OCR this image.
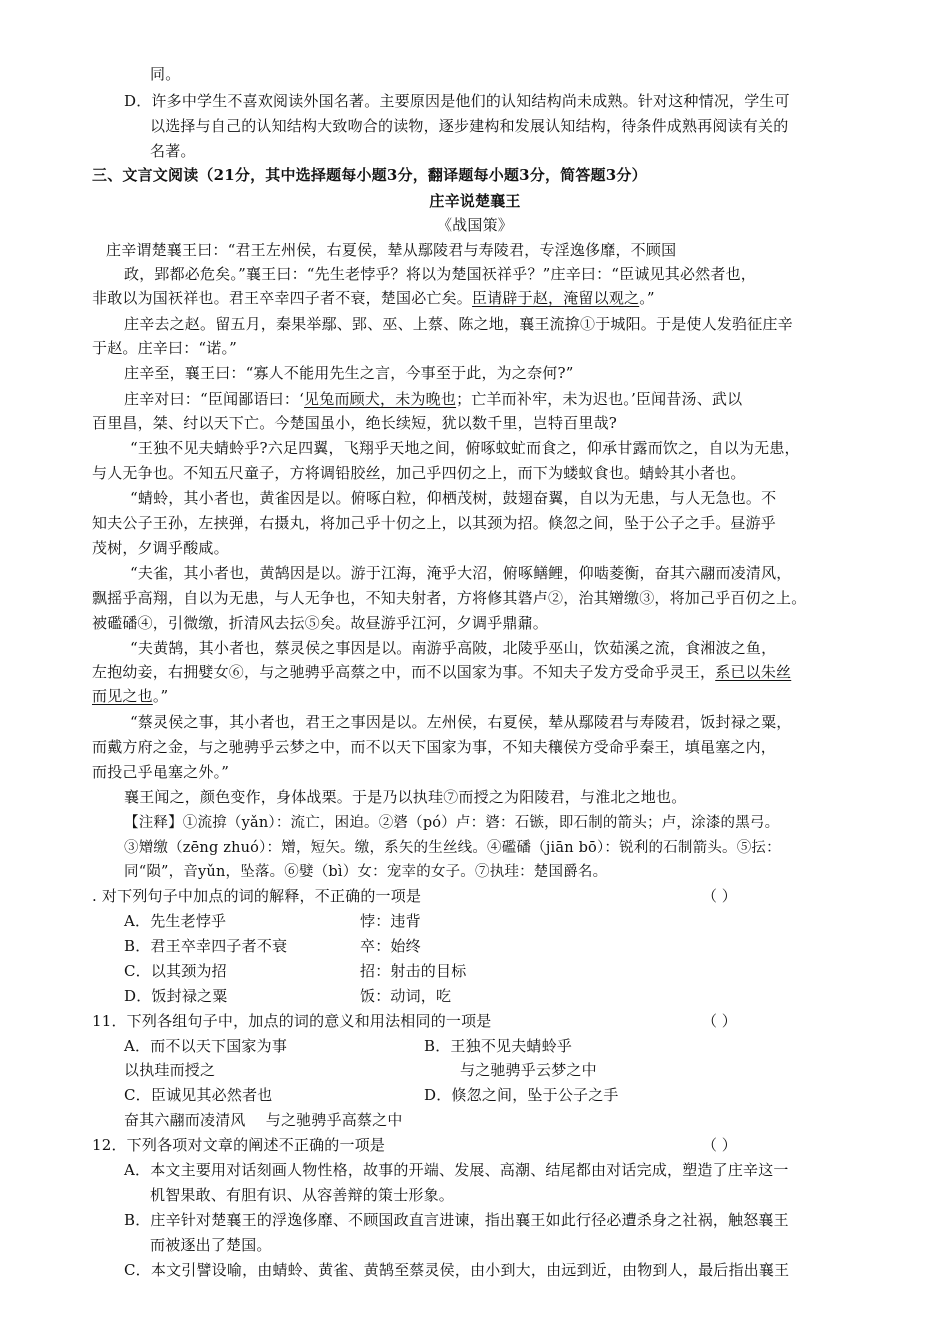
同。
D．许多中学生不喜欢阅读外国名著。主要原因是他们的认知结构尚未成熟。针对这种情况，学生可
以选择与自己的认知结构大致吻合的读物，逐步建构和发展认知结构，待条件成熟再阅读有关的
名著。
三、文言文阅读（21分，其中选择题每小题3分，翻译题每小题3分，简答题3分）
庄辛说楚襄王
《战国策》
庄辛谓楚襄王曰：“君王左州侯，右夏侯，辇从鄢陵君与寿陵君，专淫逸侈靡，不顾国
政，郢都必危矣。”襄王曰：“先生老悖乎？将以为楚国祆祥乎？”庄辛曰：“臣诚见其必然者也，
非敢以为国祆祥也。君王卒幸四子者不衰，楚国必亡矣。臣请辟于赵，淹留以观之。”
庄辛去之赵。留五月，秦果举鄢、郢、巫、上蔡、陈之地，襄王流揜①于城阳。于是使人发驺征庄辛
于赵。庄辛曰：“诺。”
庄辛至，襄王曰：“寡人不能用先生之言，今事至于此，为之奈何?”
庄辛对曰：“臣闻鄙语曰：‘见兔而顾犬，未为晚也；亡羊而补牢，未为迟也。’臣闻昔汤、武以
百里昌，桀、纣以天下亡。今楚国虽小，绝长续短，犹以数千里，岂特百里哉?
“王独不见夫蜻蛉乎?六足四翼，飞翔乎天地之间，俯啄蚊虻而食之，仰承甘露而饮之，自以为无患，
与人无争也。不知五尺童子，方将调铅胶丝，加己乎四仞之上，而下为蝼蚁食也。蜻蛉其小者也。
“蜻蛉，其小者也，黄雀因是以。俯啄白粒，仰栖茂树，鼓翅奋翼，自以为无患，与人无急也。不
知夫公子王孙，左挟弹，右摄丸，将加己乎十仞之上，以其颈为招。倏忽之间，坠于公子之手。昼游乎
茂树，夕调乎酸咸。
“夫雀，其小者也，黄鹄因是以。游于江海，淹乎大沼，俯啄鳝鲤，仰啮菱衡，奋其六翮而凌清风，
飘摇乎高翔，自以为无患，与人无争也，不知夫射者，方将修其碆卢②，治其矰缴③，将加己乎百仞之上。
被礛磻④，引微缴，折清风去抎⑤矣。故昼游乎江河，夕调乎鼎鼐。
“夫黄鹄，其小者也，蔡灵侯之事因是以。南游乎高陂，北陵乎巫山，饮茹溪之流，食湘波之鱼，
左抱幼妾，右拥嬖女⑥，与之驰骋乎高蔡之中，而不以国家为事。不知夫子发方受命乎灵王，系已以朱丝
而见之也。”
“蔡灵侯之事，其小者也，君王之事因是以。左州侯，右夏侯，辇从鄢陵君与寿陵君，饭封禄之粟，
而戴方府之金，与之驰骋乎云梦之中，而不以天下国家为事，不知夫穰侯方受命乎秦王，填黾塞之内，
而投己乎黾塞之外。”
襄王闻之，颜色变作，身体战栗。于是乃以执珪⑦而授之为阳陵君，与淮北之地也。
【注释】①流揜（yǎn）：流亡，困迫。②碆（pó）卢：碆：石镞，即石制的箭头；卢，涂漆的黑弓。
③矰缴（zēng zhuó）：矰，短矢。缴，系矢的生丝线。④礛磻（jiān bō）：锐利的石制箭头。⑤抎：
同“陨”，音yǔn，坠落。⑥嬖（bì）女：宠幸的女子。⑦执珪：楚国爵名。
. 对下列句子中加点的词的解释，不正确的一项是	（ ）
A．先生老悖乎	悖：违背
B．君王卒幸四子者不衰	卒：始终
C．以其颈为招	招：射击的目标
D．饭封禄之粟	饭：动词，吃
11．下列各组句子中，加点的词的意义和用法相同的一项是	（ ）
A．而不以天下国家为事	B．王独不见夫蜻蛉乎
以执珪而授之	与之驰骋乎云梦之中
C．臣诚见其必然者也	D．倏忽之间，坠于公子之手
奋其六翮而凌清风　 与之驰骋乎高蔡之中
12．下列各项对文章的阐述不正确的一项是	（ ）
A．本文主要用对话刻画人物性格，故事的开端、发展、高潮、结尾都由对话完成，塑造了庄辛这一
机智果敢、有胆有识、从容善辩的策士形象。
B．庄辛针对楚襄王的浮逸侈靡、不顾国政直言进谏，指出襄王如此行径必遭杀身之社祸，触怒襄王
而被逐出了楚国。
C．本文引譬设喻，由蜻蛉、黄雀、黄鹄至蔡灵侯，由小到大，由远到近，由物到人，最后指出襄王
